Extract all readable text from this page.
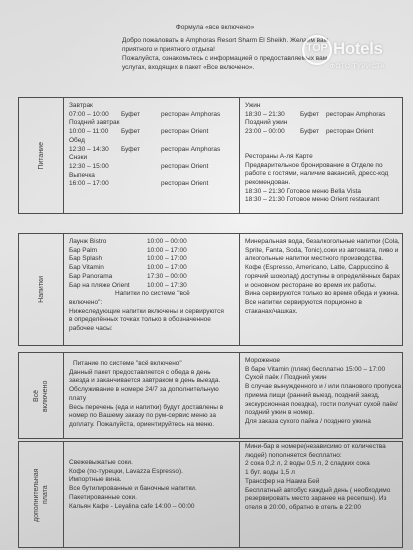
Формула «все включено»
Добро пожаловать в Amphoras Resort Sharm El Sheikh. Желаем вам
приятного и приятного отдыха!
Пожалуйста, ознакомьтесь с информацией о предоставляемых вам
услугах, входящих в пакет «Все включено».
TOP Hotels
ФОТО ТУРИСТА
Питание
Завтрак
07:00 – 10:00	Буфет	ресторан Amphoras
Поздний завтрак
10:00 – 11:00	Буфет	ресторан Orient
Обед
12:30 – 14:30	Буфет	ресторан Amphoras
Снэки
12:30 – 15:00	ресторан Orient
Выпечка
16:00 – 17:00	ресторан Orient
Ужин
18:30 – 21:30	Буфет	ресторан Amphoras
Поздний ужин
23:00 – 00:00	Буфет	ресторан Orient
Рестораны А-ля Карте
Предварительное бронирование в Отделе по
работе с гостями, наличие вакансий, дресс-код
рекомендован.
18:30 – 21:30 Готовое меню Bella Vista
18:30 – 21:30 Готовое меню Orient restaurant
Напитки
Лаунж Bistro	10:00 – 00:00
Бар Palm	10:00 – 17:00
Бар Splash	10:00 – 17:00
Бар Vitamin	10:00 – 17:00
Бар Panorama	17:30 – 00:00
Бар на пляже Orient	10:00 – 17:30
Напитки по системе "всё
включено":
Нижеследующие напитки включены и сервируются
в определённых точках только в обозначенное
рабочее часы:
Минеральная вода, безалкогольные напитки (Cola,
Sprite, Fanta, Soda, Tonic),соки из автомата, пиво и
алкогольные напитки местного производства.
Кофе (Espresso, Americano, Latte, Cappuccino &
горячий шоколад) доступны в определённых барах
и основном ресторане во время их работы.
Вина сервируются только во время обеда и ужина.
Все напитки сервируются порционно в
стаканах/чашках.
Всё включено
Питание по системе "всё включено"
Данный пакет предоставляется с обеда в день
заезда и заканчивается завтраком в день выезда.
Обслуживание в номере 24/7 за дополнительную
плату
Весь перечень (еда и напитки) будут доставлены в
номер по Вашему заказу по рум-сервис меню за
доплату. Пожалуйста, ориентируйтесь на меню.
Мороженое
В баре Vitamin (пляж) бесплатно 15:00 – 17:00
Сухой паёк / Поздний ужин
В случае вынужденного и / или планового пропуска
приема пищи (ранний выезд, поздний заезд,
экскурсионная поездка), гости получат сухой паёк/
поздний ужин в номер.
Для заказа сухого пайка / позднего ужина
дополнительная плата
Свежевыжатые соки.
Кофе (по-турецки, Lavazza Espresso).
Импортные вина.
Все бутилированные и баночные напитки.
Пакетированные соки.
Кальян Кафе - Leyalina cafe 14:00 – 00:00
Мини-бар в номере(независимо от количества
людей) пополняется бесплатно:
2 сока 0,2 л, 2 воды 0,5 л, 2 сладких сока
1 бут. воды 1,5 л
Трансфер на Наама Бей
Бесплатный автобус каждый день ( необходимо
резервировать место заранее на ресепшн). Из
отеля в 20:00, обратно в отель в 22:00
